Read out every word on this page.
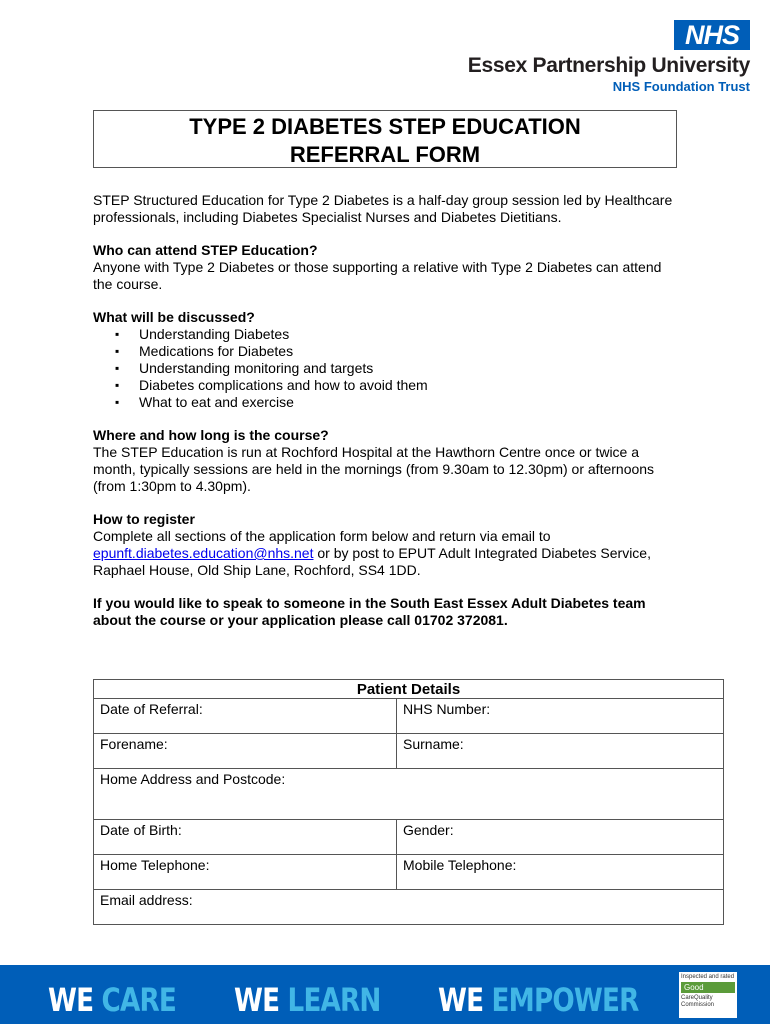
NHS
Essex Partnership University
NHS Foundation Trust
TYPE 2 DIABETES STEP EDUCATION
REFERRAL FORM

STEP Structured Education for Type 2 Diabetes is a half-day group session led by Healthcare professionals, including Diabetes Specialist Nurses and Diabetes Dietitians.

Who can attend STEP Education?
Anyone with Type 2 Diabetes or those supporting a relative with Type 2 Diabetes can attend the course.

What will be discussed?
▪ Understanding Diabetes
▪ Medications for Diabetes
▪ Understanding monitoring and targets
▪ Diabetes complications and how to avoid them
▪ What to eat and exercise

Where and how long is the course?
The STEP Education is run at Rochford Hospital at the Hawthorn Centre once or twice a month, typically sessions are held in the mornings (from 9.30am to 12.30pm) or afternoons (from 1:30pm to 4.30pm).

How to register
Complete all sections of the application form below and return via email to
epunft.diabetes.education@nhs.net or by post to EPUT Adult Integrated Diabetes Service, Raphael House, Old Ship Lane, Rochford, SS4 1DD.

If you would like to speak to someone in the South East Essex Adult Diabetes team about the course or your application please call 01702 372081.

Patient Details	
Date of Referral:	NHS Number:
Forename:	Surname:
Home Address and Postcode:	
Date of Birth:	Gender:
Home Telephone:	Mobile Telephone:
Email address:	
WE CARE WE LEARN WE EMPOWER
Inspected and rated
Good
CareQuality Commission
